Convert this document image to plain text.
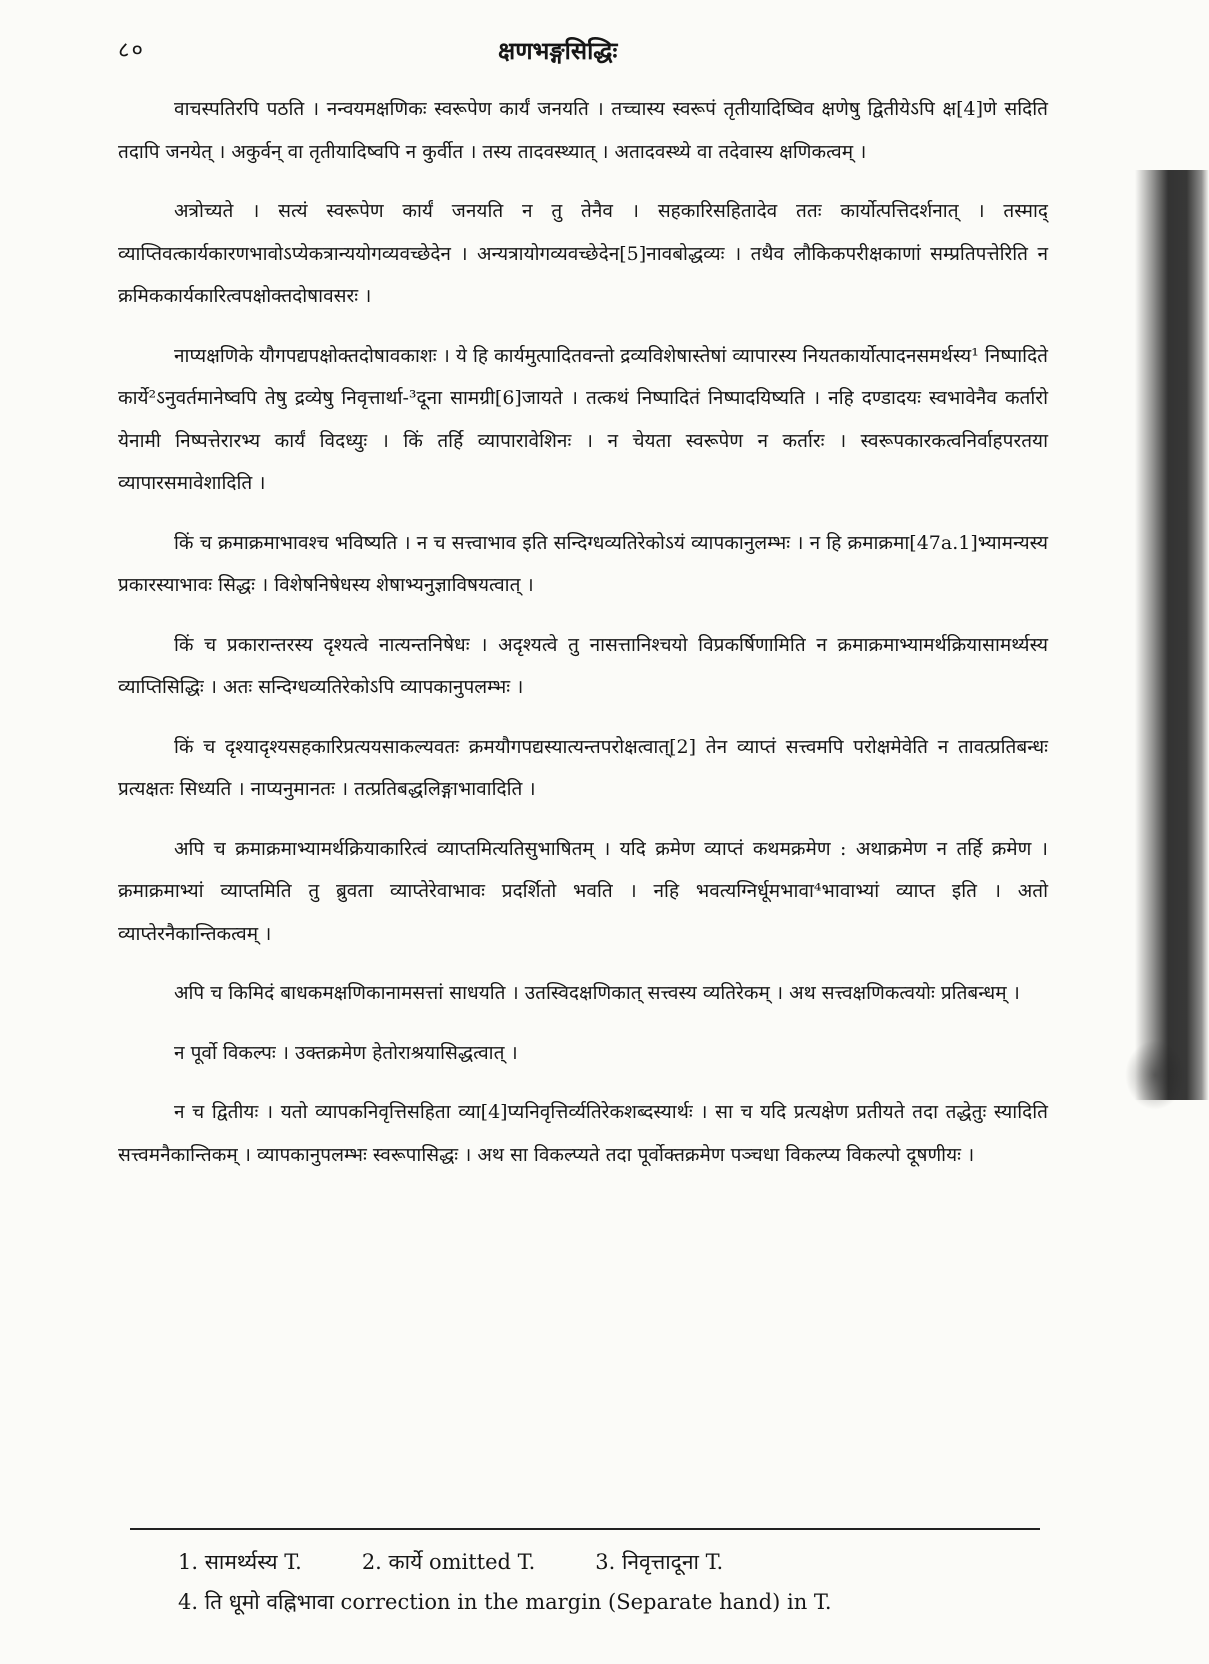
८०	क्षणभङ्गसिद्धिः

वाचस्पतिरपि पठति । नन्वयमक्षणिकः स्वरूपेण कार्यं जनयति । तच्चास्य स्वरूपं तृतीयादिष्विव क्षणेषु द्वितीयेऽपि क्ष[4]णे सदिति तदापि जनयेत् । अकुर्वन् वा तृतीयादिष्वपि न कुर्वीत । तस्य तादवस्थ्यात् । अतादवस्थ्ये वा तदेवास्य क्षणिकत्वम् ।

अत्रोच्यते । सत्यं स्वरूपेण कार्यं जनयति न तु तेनैव । सहकारिसहितादेव ततः कार्योत्पत्तिदर्शनात् । तस्माद् व्याप्तिवत्कार्यकारणभावोऽप्येकत्रान्ययोगव्यवच्छेदेन । अन्यत्रायोगव्यवच्छेदेन[5]नावबोद्धव्यः । तथैव लौकिकपरीक्षकाणां सम्प्रतिपत्तेरिति न क्रमिककार्यकारित्वपक्षोक्तदोषावसरः ।

नाप्यक्षणिके यौगपद्यपक्षोक्तदोषावकाशः । ये हि कार्यमुत्पादितवन्तो द्रव्यविशेषास्तेषां व्यापारस्य नियतकार्योत्पादनसमर्थस्य¹ निष्पादिते कार्ये²ऽनुवर्तमानेष्वपि तेषु द्रव्येषु निवृत्तार्था-³दूना सामग्री[6]जायते । तत्कथं निष्पादितं निष्पादयिष्यति । नहि दण्डादयः स्वभावेनैव कर्तारो येनामी निष्पत्तेरारभ्य कार्यं विदध्युः । किं तर्हि व्यापारावेशिनः । न चेयता स्वरूपेण न कर्तारः । स्वरूपकारकत्वनिर्वाहपरतया व्यापारसमावेशादिति ।

किं च क्रमाक्रमाभावश्च भविष्यति । न च सत्त्वाभाव इति सन्दिग्धव्यतिरेकोऽयं व्यापकानुलम्भः । न हि क्रमाक्रमा[47a.1]भ्यामन्यस्य प्रकारस्याभावः सिद्धः । विशेषनिषेधस्य शेषाभ्यनुज्ञाविषयत्वात् ।

किं च प्रकारान्तरस्य दृश्यत्वे नात्यन्तनिषेधः । अदृश्यत्वे तु नासत्तानिश्चयो विप्रकर्षिणामिति न क्रमाक्रमाभ्यामर्थक्रियासामर्थ्यस्य व्याप्तिसिद्धिः । अतः सन्दिग्धव्यतिरेकोऽपि व्यापकानुपलम्भः ।

किं च दृश्यादृश्यसहकारिप्रत्ययसाकल्यवतः क्रमयौगपद्यस्यात्यन्तपरोक्षत्वात्[2] तेन व्याप्तं सत्त्वमपि परोक्षमेवेति न तावत्प्रतिबन्धः प्रत्यक्षतः सिध्यति । नाप्यनुमानतः । तत्प्रतिबद्धलिङ्गाभावादिति ।

अपि च क्रमाक्रमाभ्यामर्थक्रियाकारित्वं व्याप्तमित्यतिसुभाषितम् । यदि क्रमेण व्याप्तं कथमक्रमेण : अथाक्रमेण न तर्हि क्रमेण । क्रमाक्रमाभ्यां व्याप्तमिति तु ब्रुवता व्याप्तेरेवाभावः प्रदर्शितो भवति । नहि भवत्यग्निर्धूमभावा⁴भावाभ्यां व्याप्त इति । अतो व्याप्तेरनैकान्तिकत्वम् ।

अपि च किमिदं बाधकमक्षणिकानामसत्तां साधयति । उतस्विदक्षणिकात् सत्त्वस्य व्यतिरेकम् । अथ सत्त्वक्षणिकत्वयोः प्रतिबन्धम् ।

न पूर्वो विकल्पः । उक्तक्रमेण हेतोराश्रयासिद्धत्वात् ।

न च द्वितीयः । यतो व्यापकनिवृत्तिसहिता व्या[4]प्यनिवृत्तिर्व्यतिरेकशब्दस्यार्थः । सा च यदि प्रत्यक्षेण प्रतीयते तदा तद्धेतुः स्यादिति सत्त्वमनैकान्तिकम् । व्यापकानुपलम्भः स्वरूपासिद्धः । अथ सा विकल्प्यते तदा पूर्वोक्तक्रमेण पञ्चधा विकल्प्य विकल्पो दूषणीयः ।

1. सामर्थ्यस्य T.	2. कार्ये omitted T.	3. निवृत्तादूना T.
4. ति धूमो वह्निभावा correction in the margin (Separate hand) in T.
